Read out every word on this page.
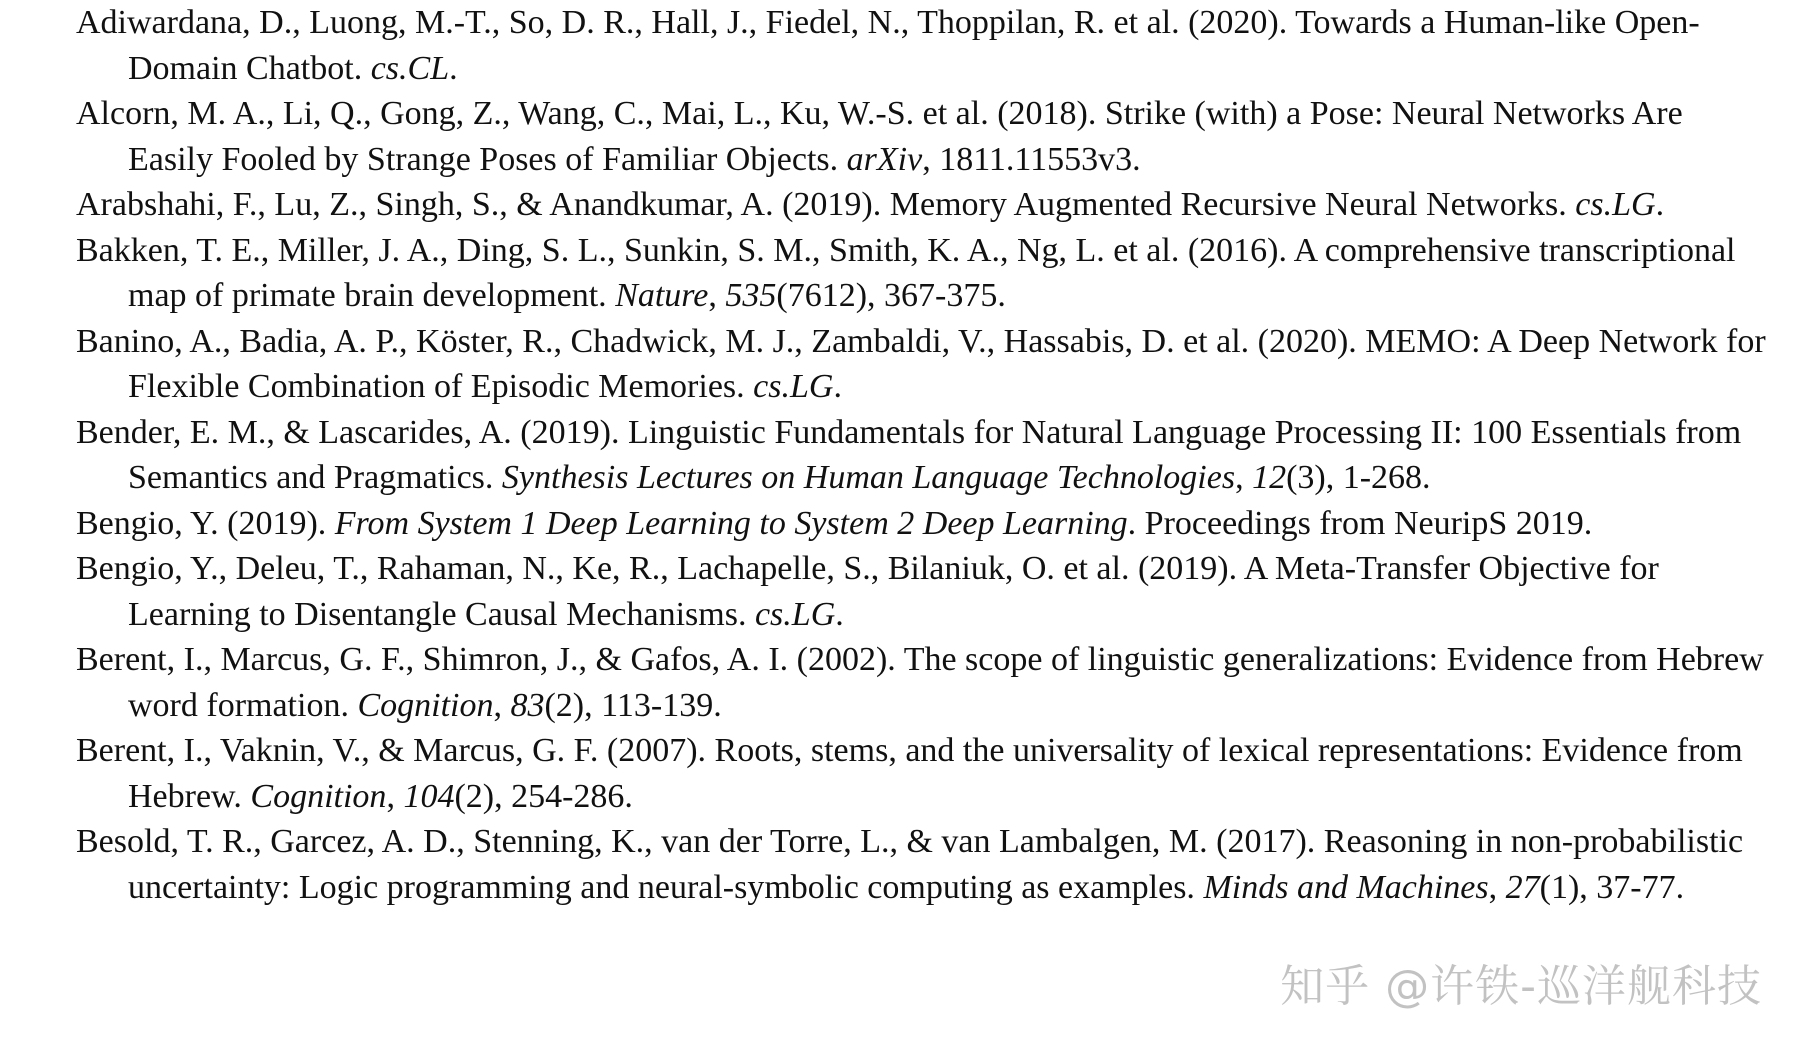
Adiwardana, D., Luong, M.-T., So, D. R., Hall, J., Fiedel, N., Thoppilan, R. et al. (2020). Towards a Human-like Open-Domain Chatbot. cs.CL.
Alcorn, M. A., Li, Q., Gong, Z., Wang, C., Mai, L., Ku, W.-S. et al. (2018). Strike (with) a Pose: Neural Networks Are Easily Fooled by Strange Poses of Familiar Objects. arXiv, 1811.11553v3.
Arabshahi, F., Lu, Z., Singh, S., & Anandkumar, A. (2019). Memory Augmented Recursive Neural Networks. cs.LG.
Bakken, T. E., Miller, J. A., Ding, S. L., Sunkin, S. M., Smith, K. A., Ng, L. et al. (2016). A comprehensive transcriptional map of primate brain development. Nature, 535(7612), 367-375.
Banino, A., Badia, A. P., Köster, R., Chadwick, M. J., Zambaldi, V., Hassabis, D. et al. (2020). MEMO: A Deep Network for Flexible Combination of Episodic Memories. cs.LG.
Bender, E. M., & Lascarides, A. (2019). Linguistic Fundamentals for Natural Language Processing II: 100 Essentials from Semantics and Pragmatics. Synthesis Lectures on Human Language Technologies, 12(3), 1-268.
Bengio, Y. (2019). From System 1 Deep Learning to System 2 Deep Learning. Proceedings from NeuripS 2019.
Bengio, Y., Deleu, T., Rahaman, N., Ke, R., Lachapelle, S., Bilaniuk, O. et al. (2019). A Meta-Transfer Objective for Learning to Disentangle Causal Mechanisms. cs.LG.
Berent, I., Marcus, G. F., Shimron, J., & Gafos, A. I. (2002). The scope of linguistic generalizations: Evidence from Hebrew word formation. Cognition, 83(2), 113-139.
Berent, I., Vaknin, V., & Marcus, G. F. (2007). Roots, stems, and the universality of lexical representations: Evidence from Hebrew. Cognition, 104(2), 254-286.
Besold, T. R., Garcez, A. D., Stenning, K., van der Torre, L., & van Lambalgen, M. (2017). Reasoning in non-probabilistic uncertainty: Logic programming and neural-symbolic computing as examples. Minds and Machines, 27(1), 37-77.
知乎 @许铁-巡洋舰科技
